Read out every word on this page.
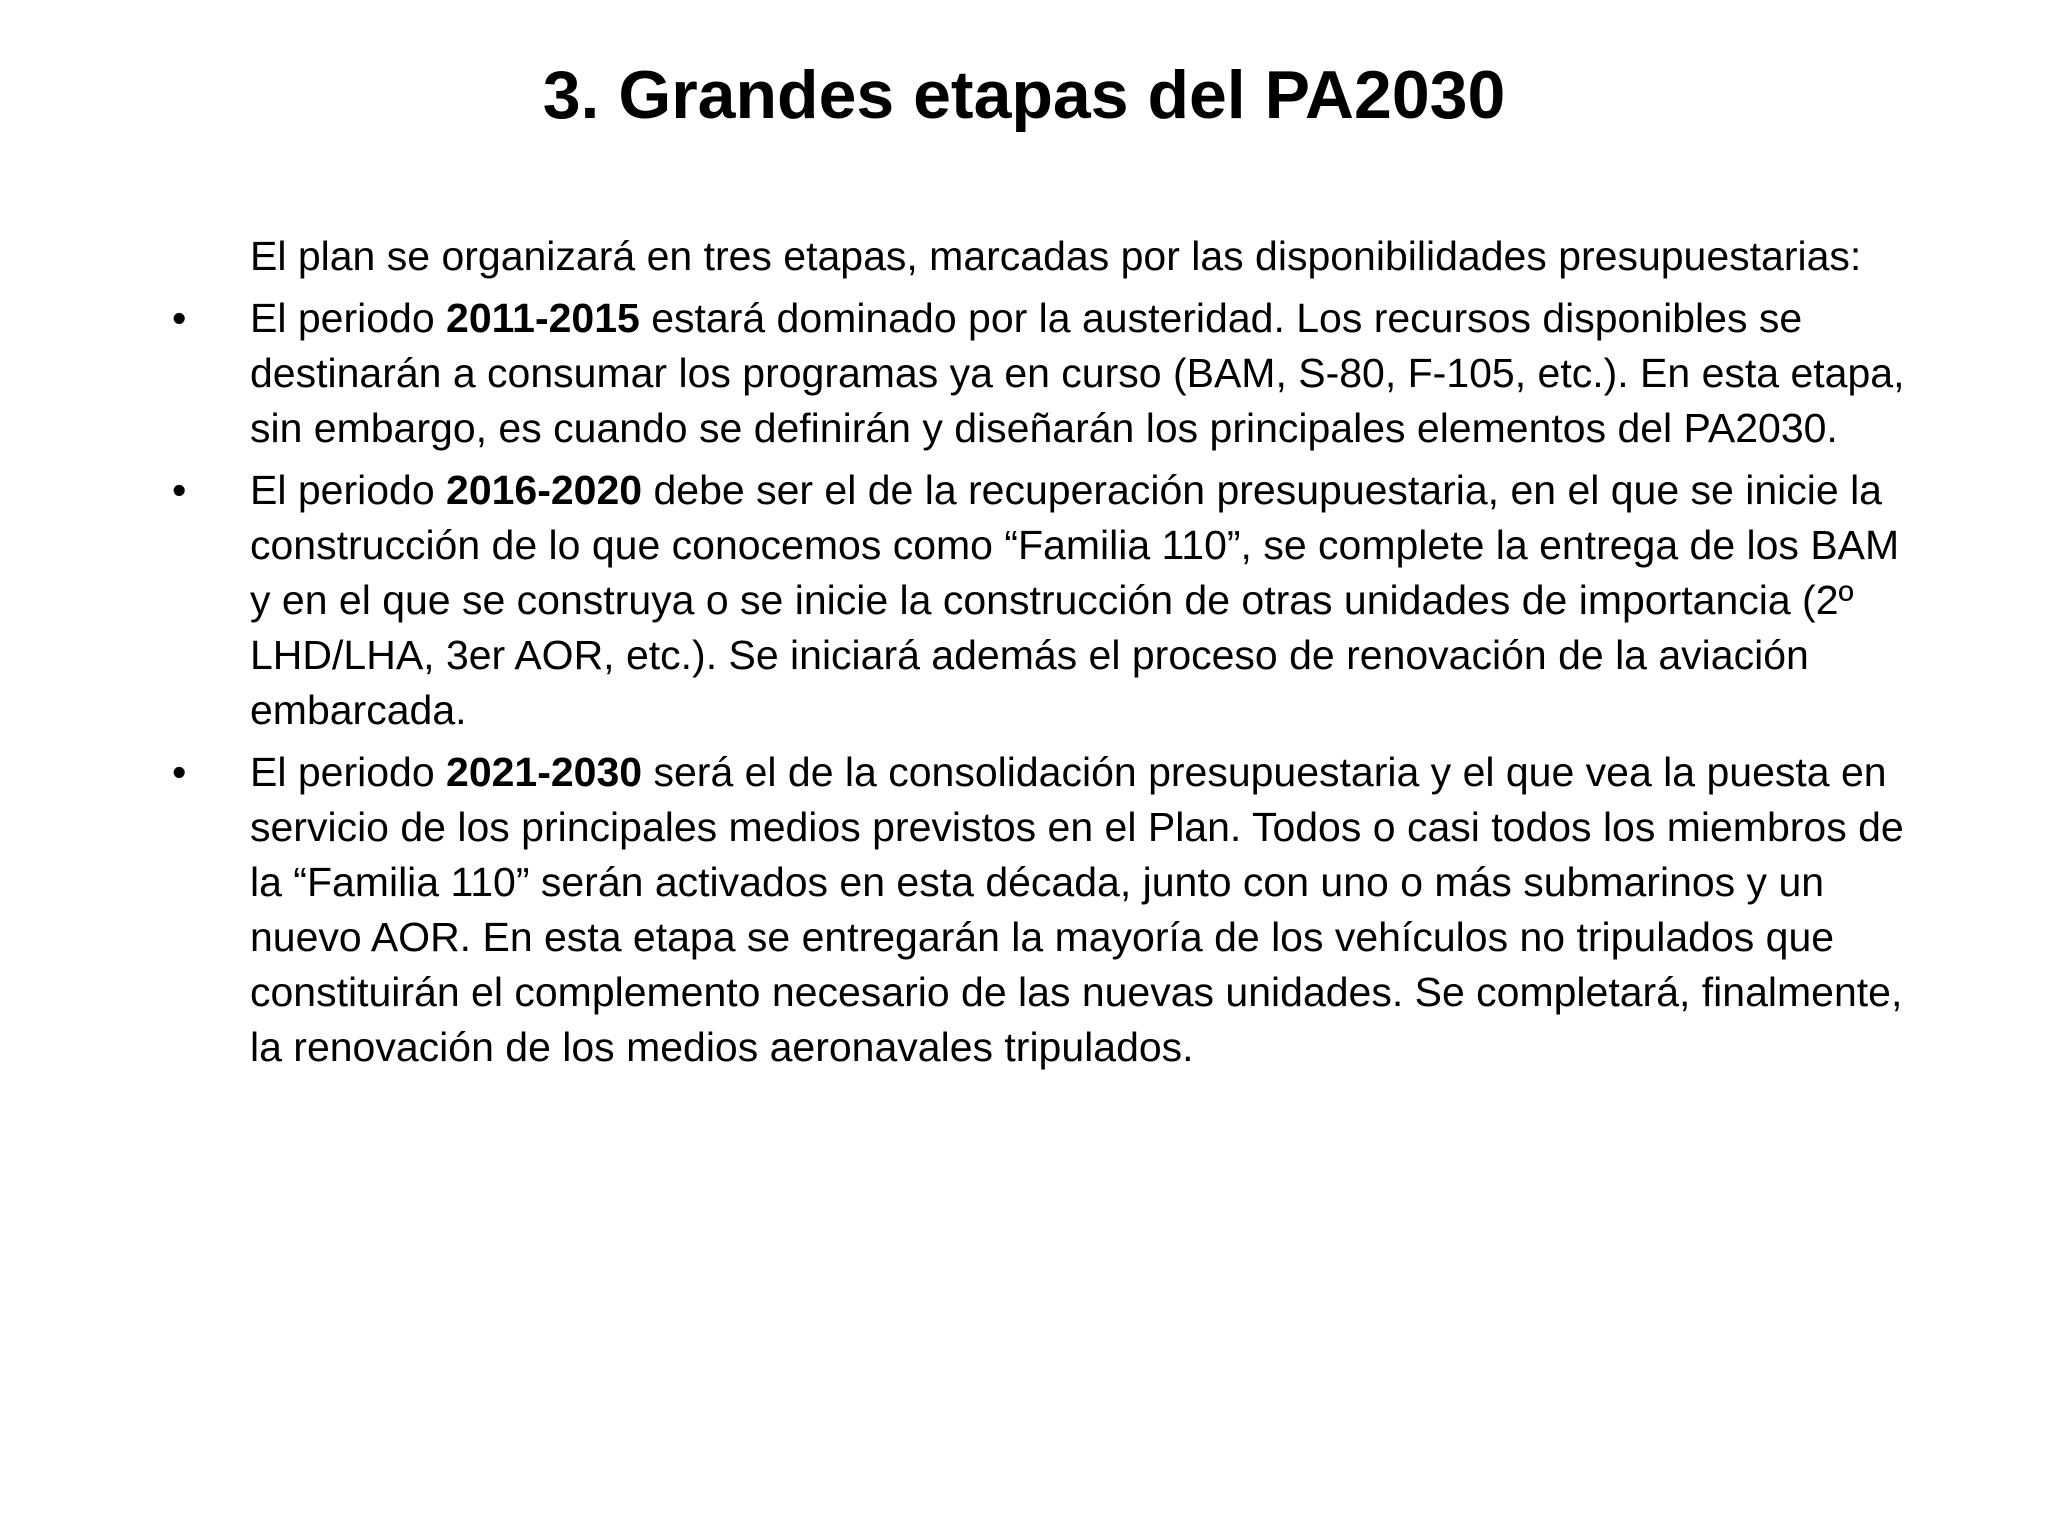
3. Grandes etapas del PA2030

El plan se organizará en tres etapas, marcadas por las disponibilidades presupuestarias:

• El periodo 2011-2015 estará dominado por la austeridad. Los recursos disponibles se destinarán a consumar los programas ya en curso (BAM, S-80, F-105, etc.). En esta etapa, sin embargo, es cuando se definirán y diseñarán los principales elementos del PA2030.
• El periodo 2016-2020 debe ser el de la recuperación presupuestaria, en el que se inicie la construcción de lo que conocemos como “Familia 110”, se complete la entrega de los BAM y en el que se construya o se inicie la construcción de otras unidades de importancia (2º LHD/LHA, 3er AOR, etc.). Se iniciará además el proceso de renovación de la aviación embarcada.
• El periodo 2021-2030 será el de la consolidación presupuestaria y el que vea la puesta en servicio de los principales medios previstos en el Plan. Todos o casi todos los miembros de la “Familia 110” serán activados en esta década, junto con uno o más submarinos y un nuevo AOR. En esta etapa se entregarán la mayoría de los vehículos no tripulados que constituirán el complemento necesario de las nuevas unidades. Se completará, finalmente, la renovación de los medios aeronavales tripulados.
